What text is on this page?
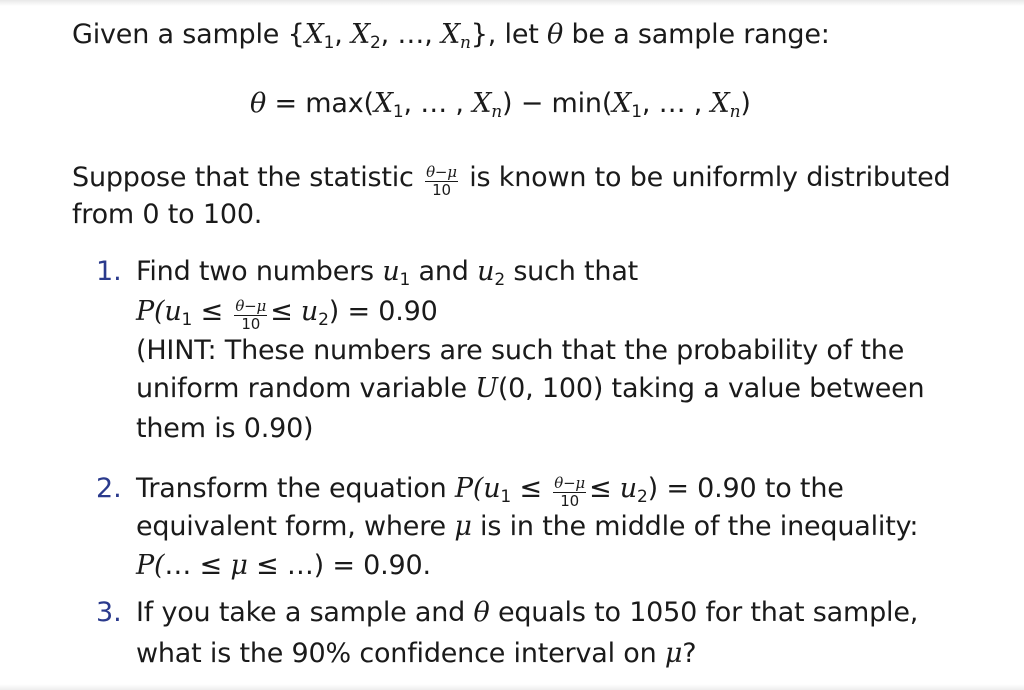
Given a sample {$X_1$, $X_2$, …, $X_n$}, let θ be a sample range:
$\theta = \max(X_1$, … , $X_n) - \min(X_1$, … , $X_n$)
Suppose that the statistic $\frac{\theta-\mu}{10}$ is known to be uniformly distributed
from 0 to 100.
1. Find two numbers $u_1$ and $u_2$ such that
$P(u_1 \le \frac{\theta-\mu}{10} \le u_2) = 0.90$
(HINT: These numbers are such that the probability of the
uniform random variable U(0, 100) taking a value between
them is 0.90)
2. Transform the equation $P(u_1 \le \frac{\theta-\mu}{10} \le u_2) = 0.90$ to the
equivalent form, where μ is in the middle of the inequality:
P(… ≤ μ ≤ …) = 0.90.
3. If you take a sample and θ equals to 1050 for that sample,
what is the 90% confidence interval on μ?
